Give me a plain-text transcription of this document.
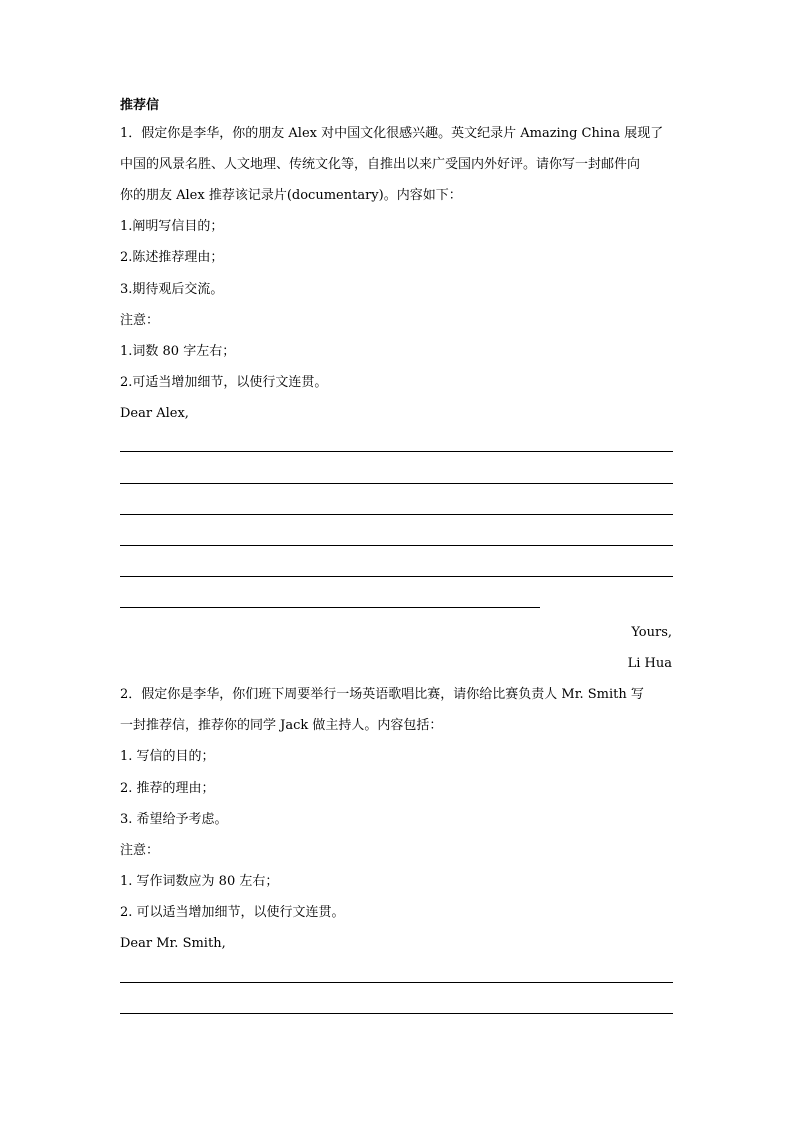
推荐信
1．假定你是李华，你的朋友 Alex 对中国文化很感兴趣。英文纪录片 Amazing China 展现了
中国的风景名胜、人文地理、传统文化等，自推出以来广受国内外好评。请你写一封邮件向
你的朋友 Alex 推荐该记录片(documentary)。内容如下：
1.阐明写信目的；
2.陈述推荐理由；
3.期待观后交流。
注意：
1.词数 80 字左右；
2.可适当增加细节，以使行文连贯。
Dear Alex,
Yours,
Li Hua
2．假定你是李华，你们班下周要举行一场英语歌唱比赛，请你给比赛负责人 Mr. Smith 写
一封推荐信，推荐你的同学 Jack 做主持人。内容包括：
1. 写信的目的；
2. 推荐的理由；
3. 希望给予考虑。
注意：
1. 写作词数应为 80 左右；
2. 可以适当增加细节，以使行文连贯。
Dear Mr. Smith,
